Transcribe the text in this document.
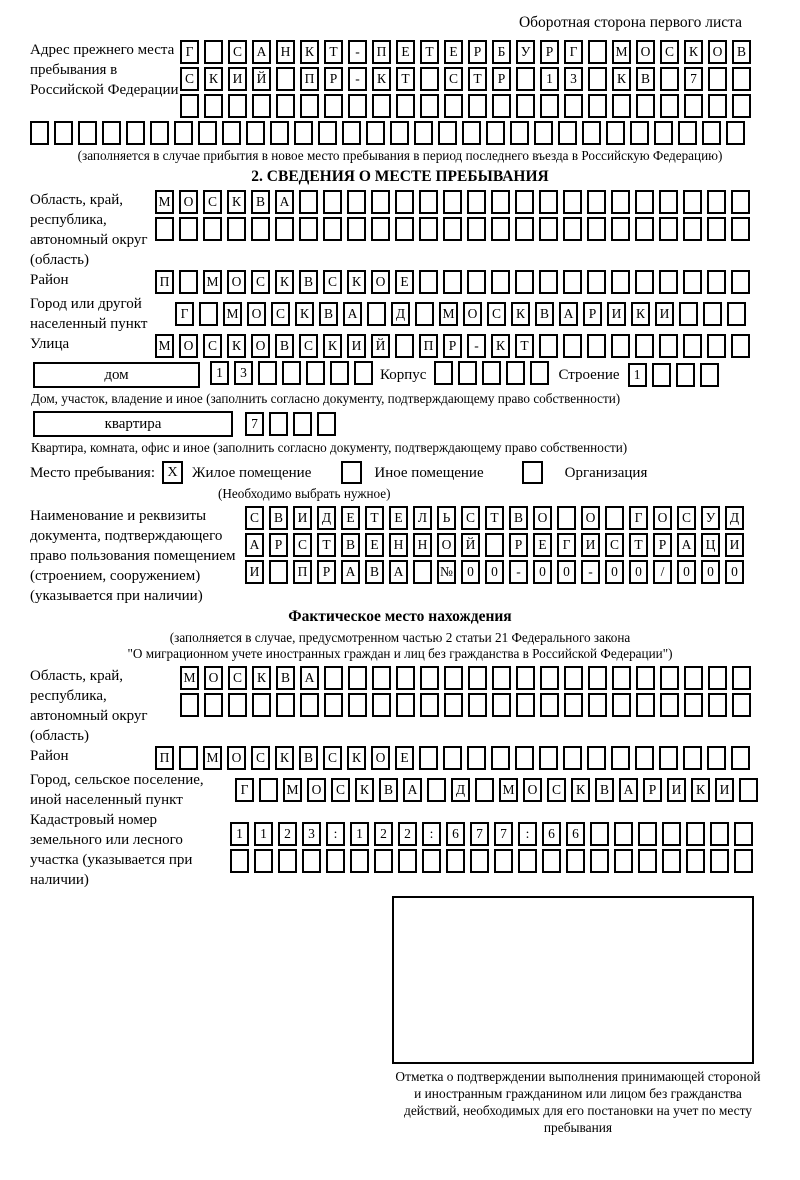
Оборотная сторона первого листа
Адрес прежнего места пребывания в Российской Федерации
Г	С А Н К Т - П Е Т Е Р Б У Р Г	М О С К О В
С К И Й	П Р - К Т	С Т Р	1 3	К В	7
(заполняется в случае прибытия в новое место пребывания в период последнего въезда в Российскую Федерацию)
2. СВЕДЕНИЯ О МЕСТЕ ПРЕБЫВАНИЯ
Область, край, республика, автономный округ (область)
М О С К В А
Район	П	М О С К В С К О Е
Город или другой населенный пункт
Г	М О С К В А	Д	М О С К В А Р И К И
Улица	М О С К О В С К И Й	П Р - К Т
дом	1 3	Корпус	Строение	1
Дом, участок, владение и иное (заполнить согласно документу, подтверждающему право собственности)
квартира	7
Квартира, комната, офис и иное (заполнить согласно документу, подтверждающему право собственности)
Место пребывания: X Жилое помещение	Иное помещение	Организация
(Необходимо выбрать нужное)
Наименование и реквизиты документа, подтверждающего право пользования помещением (строением, сооружением) (указывается при наличии)
С В И Д Е Т Е Л Ь С Т В О	О	Г О С У Д
А Р С Т В Е Н Н О Й	Р Е Г И С Т Р А Ц И
И	П Р А В А	№ 0 0 - 0 0 - 0 0 / 0 0 0
Фактическое место нахождения
(заполняется в случае, предусмотренном частью 2 статьи 21 Федерального закона
"О миграционном учете иностранных граждан и лиц без гражданства в Российской Федерации")
Область, край, республика, автономный округ (область)
М О С К В А
Район	П	М О С К В С К О Е
Город, сельское поселение, иной населенный пункт
Г	М О С К В А	Д	М О С К В А Р И К И
Кадастровый номер земельного или лесного участка (указывается при наличии)
1 1 2 3 : 1 2 2 : 6 7 7 : 6 6
Отметка о подтверждении выполнения принимающей стороной и иностранным гражданином или лицом без гражданства действий, необходимых для его постановки на учет по месту пребывания
